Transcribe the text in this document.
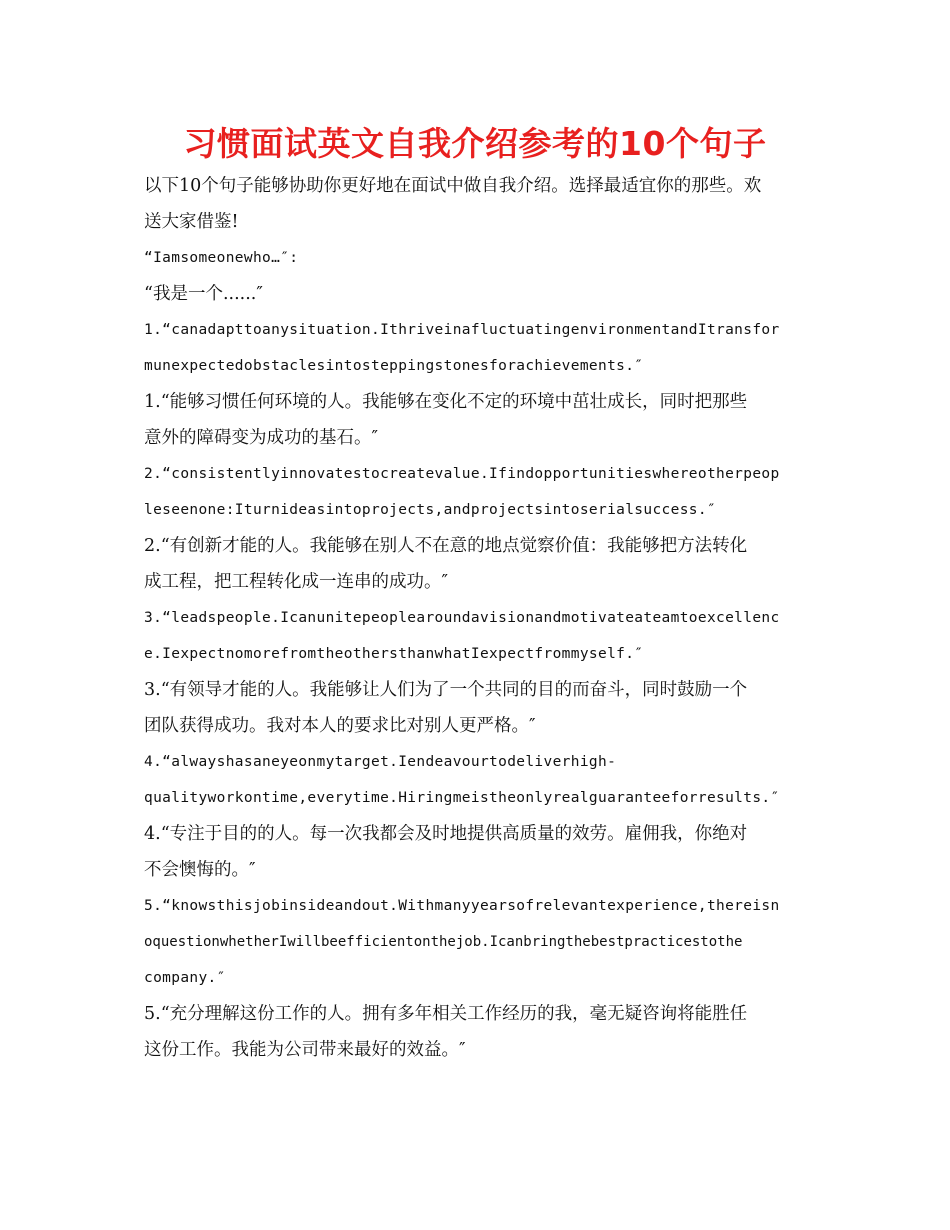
习惯面试英文自我介绍参考的10个句子
以下10个句子能够协助你更好地在面试中做自我介绍。选择最适宜你的那些。欢
送大家借鉴!
“Iamsomeonewho…″:
“我是一个......″
1.“canadapttoanysituation.IthriveinafluctuatingenvironmentandItransfor
munexpectedobstaclesintosteppingstonesforachievements.″
1.“能够习惯任何环境的人。我能够在变化不定的环境中茁壮成长，同时把那些
意外的障碍变为成功的基石。″
2.“consistentlyinnovatestocreatevalue.Ifindopportunitieswhereotherpeop
leseenone:Iturnideasintoprojects,andprojectsintoserialsuccess.″
2.“有创新才能的人。我能够在别人不在意的地点觉察价值：我能够把方法转化
成工程，把工程转化成一连串的成功。″
3.“leadspeople.Icanunitepeoplearoundavisionandmotivateateamtoexcellenc
e.IexpectnomorefromtheothersthanwhatIexpectfrommyself.″
3.“有领导才能的人。我能够让人们为了一个共同的目的而奋斗，同时鼓励一个
团队获得成功。我对本人的要求比对别人更严格。″
4.“alwayshasaneyeonmytarget.Iendeavourtodeliverhigh-
qualityworkontime,everytime.Hiringmeistheonlyrealguaranteeforresults.″
4.“专注于目的的人。每一次我都会及时地提供高质量的效劳。雇佣我，你绝对
不会懊悔的。″
5.“knowsthisjobinsideandout.Withmanyyearsofrelevantexperience,thereisn
oquestionwhetherIwillbeefficientonthejob.Icanbringthebestpracticestothe
company.″
5.“充分理解这份工作的人。拥有多年相关工作经历的我，毫无疑咨询将能胜任
这份工作。我能为公司带来最好的效益。″
